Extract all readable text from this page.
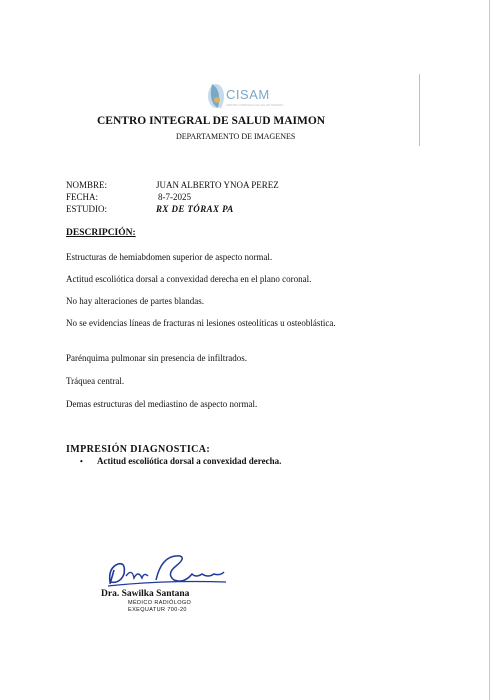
CISAM
CENTRO INTEGRAL DE SALUD MAIMON
CENTRO INTEGRAL DE SALUD MAIMON
DEPARTAMENTO DE IMAGENES
NOMBRE:	JUAN ALBERTO YNOA PEREZ
FECHA:	8-7-2025
ESTUDIO:	RX DE TÓRAX PA
DESCRIPCIÓN:
Estructuras de hemiabdomen superior de aspecto normal.
Actitud escoliótica dorsal a convexidad derecha en el plano coronal.
No hay alteraciones de partes blandas.
No se evidencias líneas de fracturas ni lesiones osteolíticas u osteoblástica.
Parénquima pulmonar sin presencia de infiltrados.
Tráquea central.
Demas estructuras del mediastino de aspecto normal.
IMPRESIÓN DIAGNOSTICA:
• Actitud escoliótica dorsal a convexidad derecha.
Dra. Sawilka Santana
MÉDICO RADIÓLOGO
EXEQUATUR 700-20
